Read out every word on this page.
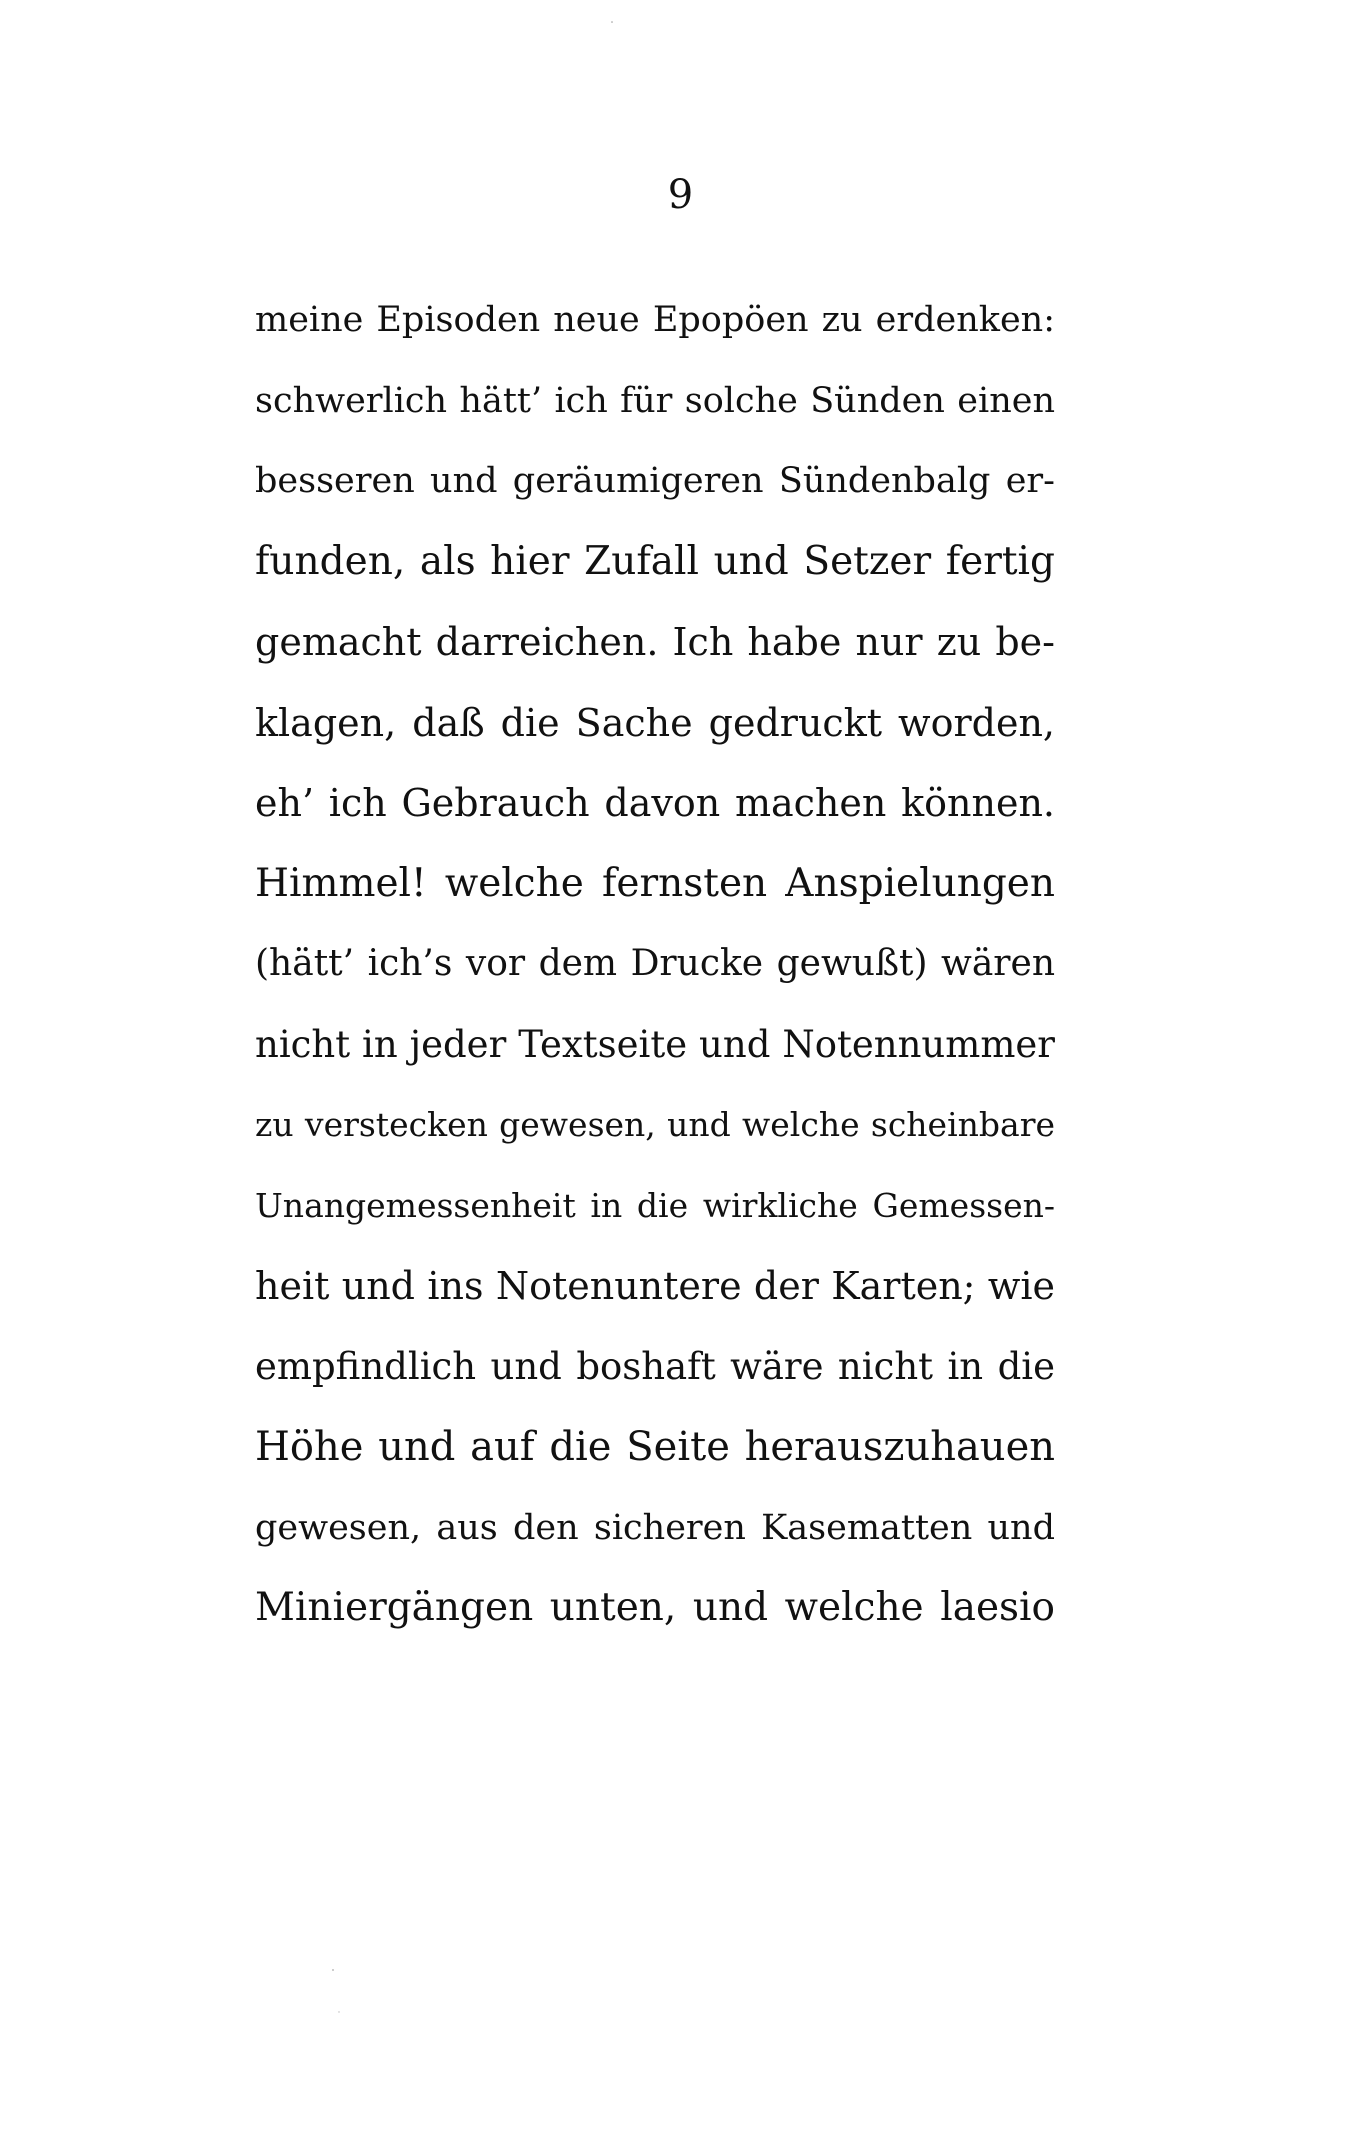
9
meine Episoden neue Epopöen zu erdenken:
schwerlich hätt’ ich für solche Sünden einen
besseren und geräumigeren Sündenbalg er-
funden, als hier Zufall und Setzer fertig
gemacht darreichen. Ich habe nur zu be-
klagen, daß die Sache gedruckt worden,
eh’ ich Gebrauch davon machen können.
Himmel! welche fernsten Anspielungen
(hätt’ ich’s vor dem Drucke gewußt) wären
nicht in jeder Textseite und Notennummer
zu verstecken gewesen, und welche scheinbare
Unangemessenheit in die wirkliche Gemessen-
heit und ins Notenuntere der Karten; wie
empfindlich und boshaft wäre nicht in die
Höhe und auf die Seite herauszuhauen
gewesen, aus den sicheren Kasematten und
Miniergängen unten, und welche laesio
